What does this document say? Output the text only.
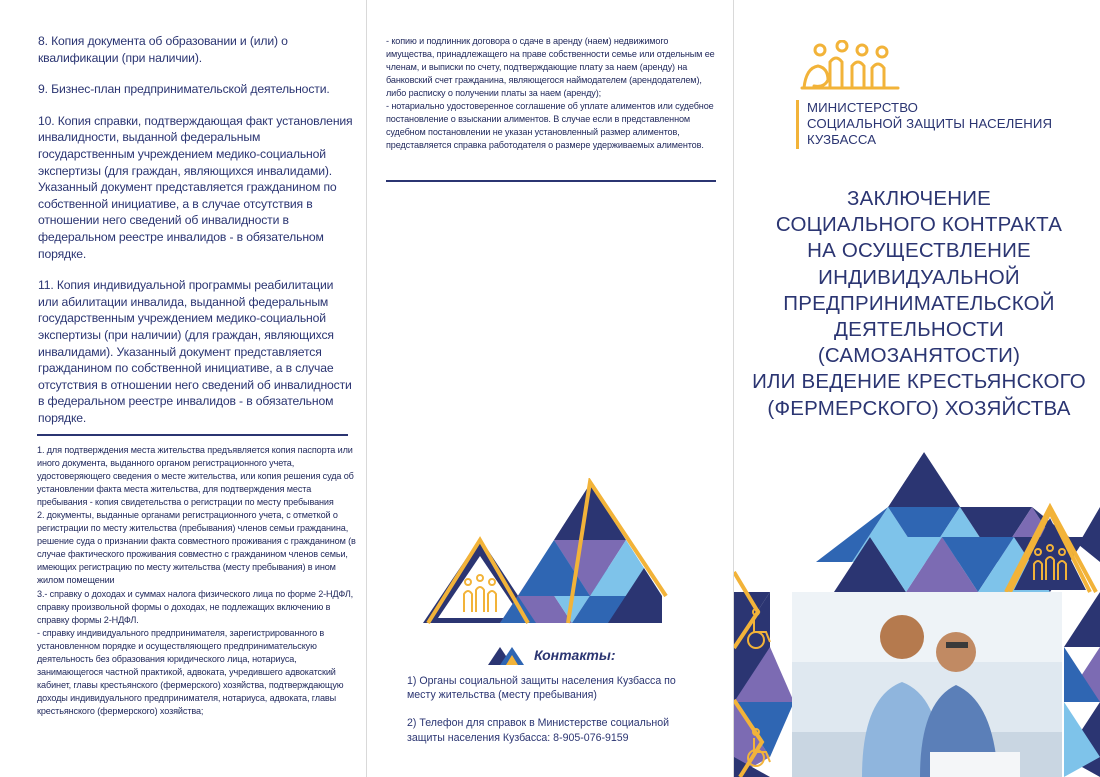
8. Копия документа об образовании и (или) о квалификации (при наличии).

9. Бизнес-план предпринимательской деятельности.

10. Копия справки, подтверждающая факт установления инвалидности, выданной федеральным государственным учреждением медико-социальной экспертизы (для граждан, являющихся инвалидами). Указанный документ представляется гражданином по собственной инициативе, а в случае отсутствия в отношении него сведений об инвалидности в федеральном реестре инвалидов - в обязательном порядке.

11. Копия индивидуальной программы реабилитации или абилитации инвалида, выданной федеральным государственным учреждением медико-социальной экспертизы (при наличии) (для граждан, являющихся инвалидами). Указанный документ представляется гражданином по собственной инициативе, а в случае отсутствия в отношении него сведений об инвалидности в федеральном реестре инвалидов - в обязательном порядке.

1. для подтверждения места жительства предъявляется копия паспорта или иного документа, выданного органом регистрационного учета, удостоверяющего сведения о месте жительства, или копия решения суда об установлении факта места жительства, для подтверждения места пребывания - копия свидетельства о регистрации по месту пребывания

2. документы, выданные органами регистрационного учета, с отметкой о регистрации по месту жительства (пребывания) членов семьи гражданина, решение суда о признании факта совместного проживания с гражданином (в случае фактического проживания совместно с гражданином членов семьи, имеющих регистрацию по месту жительства (месту пребывания) в ином жилом помещении

3.- справку о доходах и суммах налога физического лица по форме 2-НДФЛ, справку произвольной формы о доходах, не подлежащих включению в справку формы 2-НДФЛ.

- справку индивидуального предпринимателя, зарегистрированного в установленном порядке и осуществляющего предпринимательскую деятельность без образования юридического лица, нотариуса, занимающегося частной практикой, адвоката, учредившего адвокатский кабинет, главы крестьянского (фермерского) хозяйства, подтверждающую доходы индивидуального предпринимателя, нотариуса, адвоката, главы крестьянского (фермерского) хозяйства;

- копию и подлинник договора о сдаче в аренду (наем) недвижимого имущества, принадлежащего на праве собственности семье или отдельным ее членам, и выписки по счету, подтверждающие плату за наем (аренду) на банковский счет гражданина, являющегося наймодателем (арендодателем), либо расписку о получении платы за наем (аренду);

- нотариально удостоверенное соглашение об уплате алиментов или судебное постановление о взыскании алиментов. В случае если в представленном судебном постановлении не указан установленный размер алиментов, представляется справка работодателя о размере удерживаемых алиментов.

Контакты:

1) Органы социальной защиты населения Кузбасса по месту жительства (месту пребывания)

2) Телефон для справок в Министерстве социальной защиты населения Кузбасса: 8-905-076-9159

МИНИСТЕРСТВО
СОЦИАЛЬНОЙ ЗАЩИТЫ НАСЕЛЕНИЯ
КУЗБАССА
ЗАКЛЮЧЕНИЕ
СОЦИАЛЬНОГО КОНТРАКТА
НА ОСУЩЕСТВЛЕНИЕ
ИНДИВИДУАЛЬНОЙ
ПРЕДПРИНИМАТЕЛЬСКОЙ
ДЕЯТЕЛЬНОСТИ
(САМОЗАНЯТОСТИ)
ИЛИ ВЕДЕНИЕ КРЕСТЬЯНСКОГО
(ФЕРМЕРСКОГО) ХОЗЯЙСТВА
